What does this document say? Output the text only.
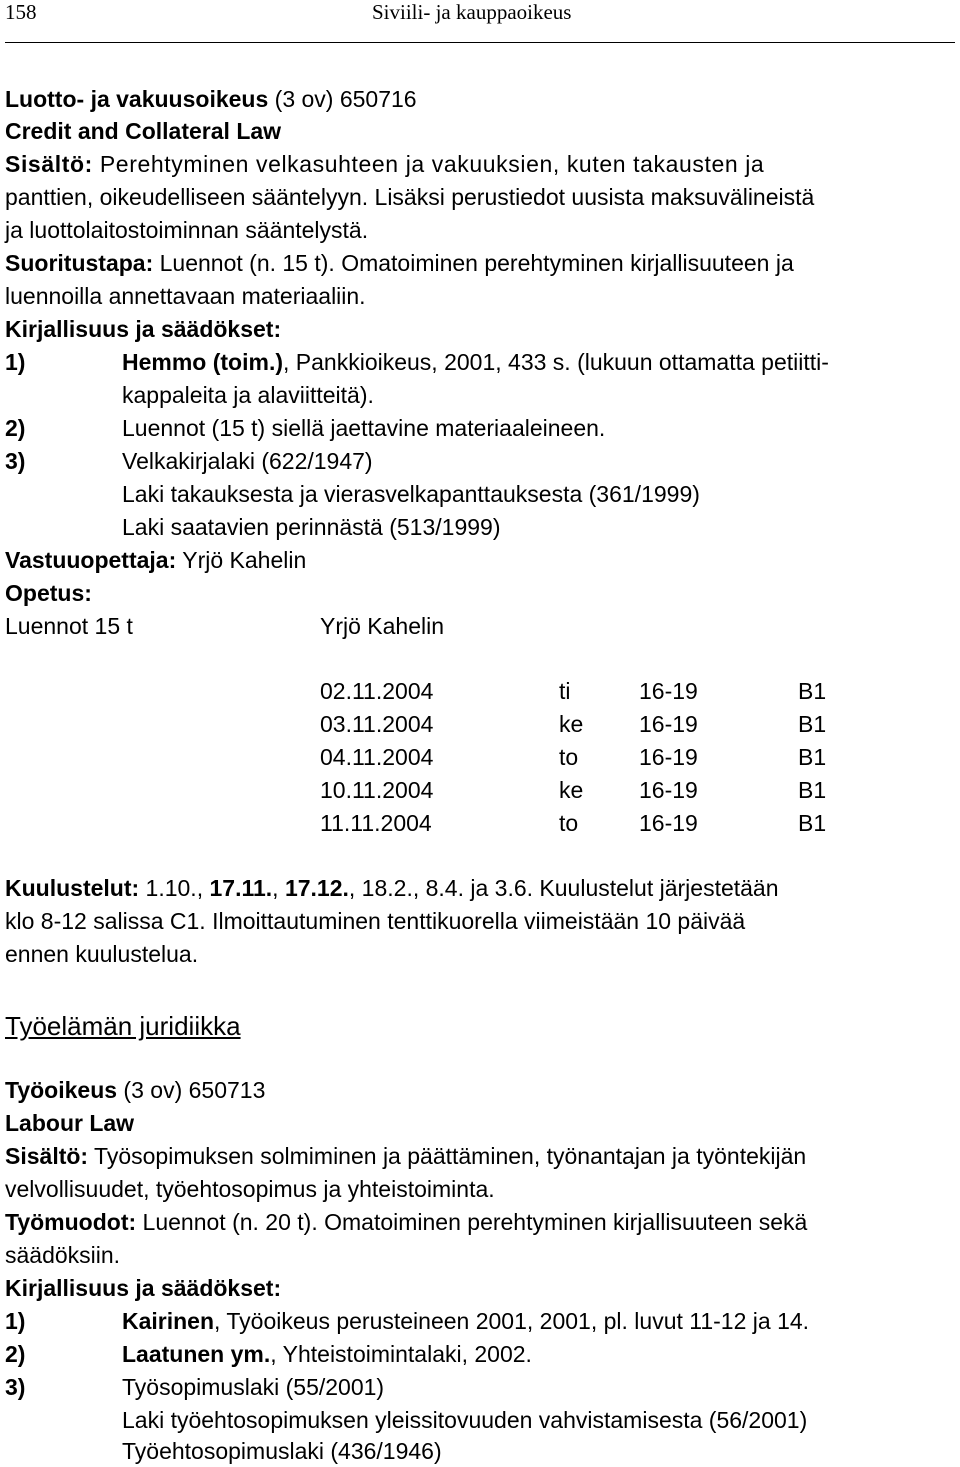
158	Siviili- ja kauppaoikeus
Luotto- ja vakuusoikeus (3 ov) 650716
Credit and Collateral Law
Sisältö: Perehtyminen velkasuhteen ja vakuuksien, kuten takausten ja
panttien, oikeudelliseen sääntelyyn. Lisäksi perustiedot uusista maksuvälineistä
ja luottolaitostoiminnan sääntelystä.
Suoritustapa: Luennot (n. 15 t). Omatoiminen perehtyminen kirjallisuuteen ja
luennoilla annettavaan materiaaliin.
Kirjallisuus ja säädökset:
1)	Hemmo (toim.), Pankkioikeus, 2001, 433 s. (lukuun ottamatta petiitti-
kappaleita ja alaviitteitä).
2)	Luennot (15 t) siellä jaettavine materiaaleineen.
3)	Velkakirjalaki (622/1947)
Laki takauksesta ja vierasvelkapanttauksesta (361/1999)
Laki saatavien perinnästä (513/1999)
Vastuuopettaja: Yrjö Kahelin
Opetus:
Luennot 15 t	Yrjö Kahelin
02.11.2004	ti	16-19	B1
03.11.2004	ke 16-19	B1
04.11.2004	to	16-19	B1
10.11.2004	ke 16-19	B1
11.11.2004	to	16-19	B1
Kuulustelut: 1.10., 17.11., 17.12., 18.2., 8.4. ja 3.6. Kuulustelut järjestetään
klo 8-12 salissa C1. Ilmoittautuminen tenttikuorella viimeistään 10 päivää
ennen kuulustelua.
Työelämän juridiikka
Työoikeus (3 ov) 650713
Labour Law
Sisältö: Työsopimuksen solmiminen ja päättäminen, työnantajan ja työntekijän
velvollisuudet, työehtosopimus ja yhteistoiminta.
Työmuodot: Luennot (n. 20 t). Omatoiminen perehtyminen kirjallisuuteen sekä
säädöksiin.
Kirjallisuus ja säädökset:
1)	Kairinen, Työoikeus perusteineen 2001, 2001, pl. luvut 11-12 ja 14.
2)	Laatunen ym., Yhteistoimintalaki, 2002.
3)	Työsopimuslaki (55/2001)
Laki työehtosopimuksen yleissitovuuden vahvistamisesta (56/2001)
Työehtosopimuslaki (436/1946)
